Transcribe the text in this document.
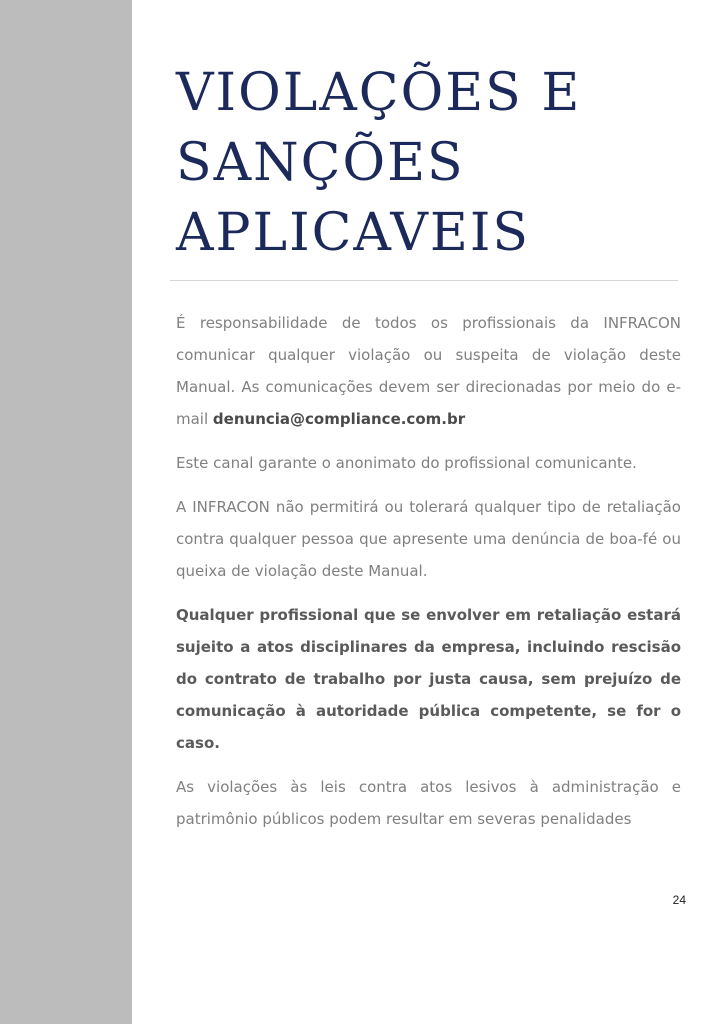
VIOLAÇÕES E
SANÇÕES
APLICAVEIS

É responsabilidade de todos os profissionais da INFRACON comunicar qualquer violação ou suspeita de violação deste Manual. As comunicações devem ser direcionadas por meio do e-mail denuncia@compliance.com.br

Este canal garante o anonimato do profissional comunicante.

A INFRACON não permitirá ou tolerará qualquer tipo de retaliação contra qualquer pessoa que apresente uma denúncia de boa-fé ou queixa de violação deste Manual.

Qualquer profissional que se envolver em retaliação estará sujeito a atos disciplinares da empresa, incluindo rescisão do contrato de trabalho por justa causa, sem prejuízo de comunicação à autoridade pública competente, se for o caso.

As violações às leis contra atos lesivos à administração e patrimônio públicos podem resultar em severas penalidades

24
